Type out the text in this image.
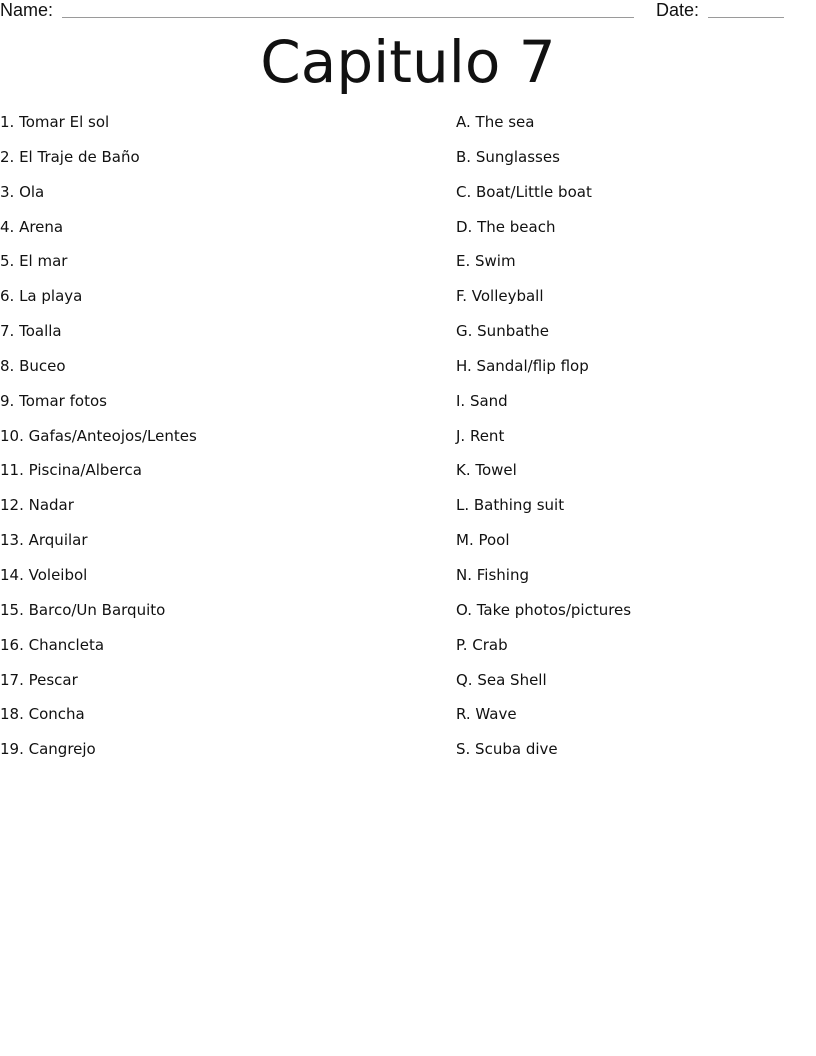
Name:	Date:
Capitulo 7
1. Tomar El sol
2. El Traje de Baño
3. Ola
4. Arena
5. El mar
6. La playa
7. Toalla
8. Buceo
9. Tomar fotos
10. Gafas/Anteojos/Lentes
11. Piscina/Alberca
12. Nadar
13. Arquilar
14. Voleibol
15. Barco/Un Barquito
16. Chancleta
17. Pescar
18. Concha
19. Cangrejo
A. The sea
B. Sunglasses
C. Boat/Little boat
D. The beach
E. Swim
F. Volleyball
G. Sunbathe
H. Sandal/flip flop
I. Sand
J. Rent
K. Towel
L. Bathing suit
M. Pool
N. Fishing
O. Take photos/pictures
P. Crab
Q. Sea Shell
R. Wave
S. Scuba dive
